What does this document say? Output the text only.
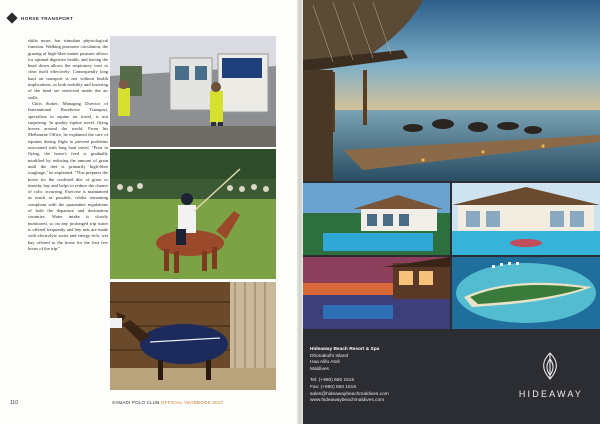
HORSE TRANSPORT

shifts more, but stimulate physiological function. Walking promotes circulation, the grazing of high-fibre matter pastures allows for optimal digestive health, and having the head down allows the respiratory tract to clear itself effectively. Consequently long haul air transport is not without health implications, so both mobility and lowering of the head are restricted inside the air stalls.

Chris Stoker, Managing Director of International Racehorse Transport, specialists in equine air travel, is not surprising. In quality equine travel, flying horses around the world. From his Melbourne Office, he explained the care of equines during flight to prevent problems associated with long haul travel. "Prior to flying, the horse's feed is gradually modified by reducing the amount of grain until the diet is primarily high-fibre roughage," he explained. "This prepares the horse for the confined diet of grass or timothy hay and helps to reduce the chance of colic occurring. Exercise is maintained as much as possible, whilst remaining compliant with the quarantine regulations of both the departure and destination countries. Water intake is closely monitored, so on any prolonged trip water is offered frequently and hay nets are made with electrolyte water and energy-rich, wet hay offered to the horse for the first few hours of the trip."

110	SAMADI POLO CLUB OFFICIAL YEARBOOK 2017
Hideaway Beach Resort & Spa
Dhonakulhi Island
Haa Alifu Atoll
Maldives
Tel: (+960) 650 1515
Fax: (+960) 650 1516
sales@hideawaybeachmaldives.com
www.hideawaybeachmaldives.com
HIDEAWAY
